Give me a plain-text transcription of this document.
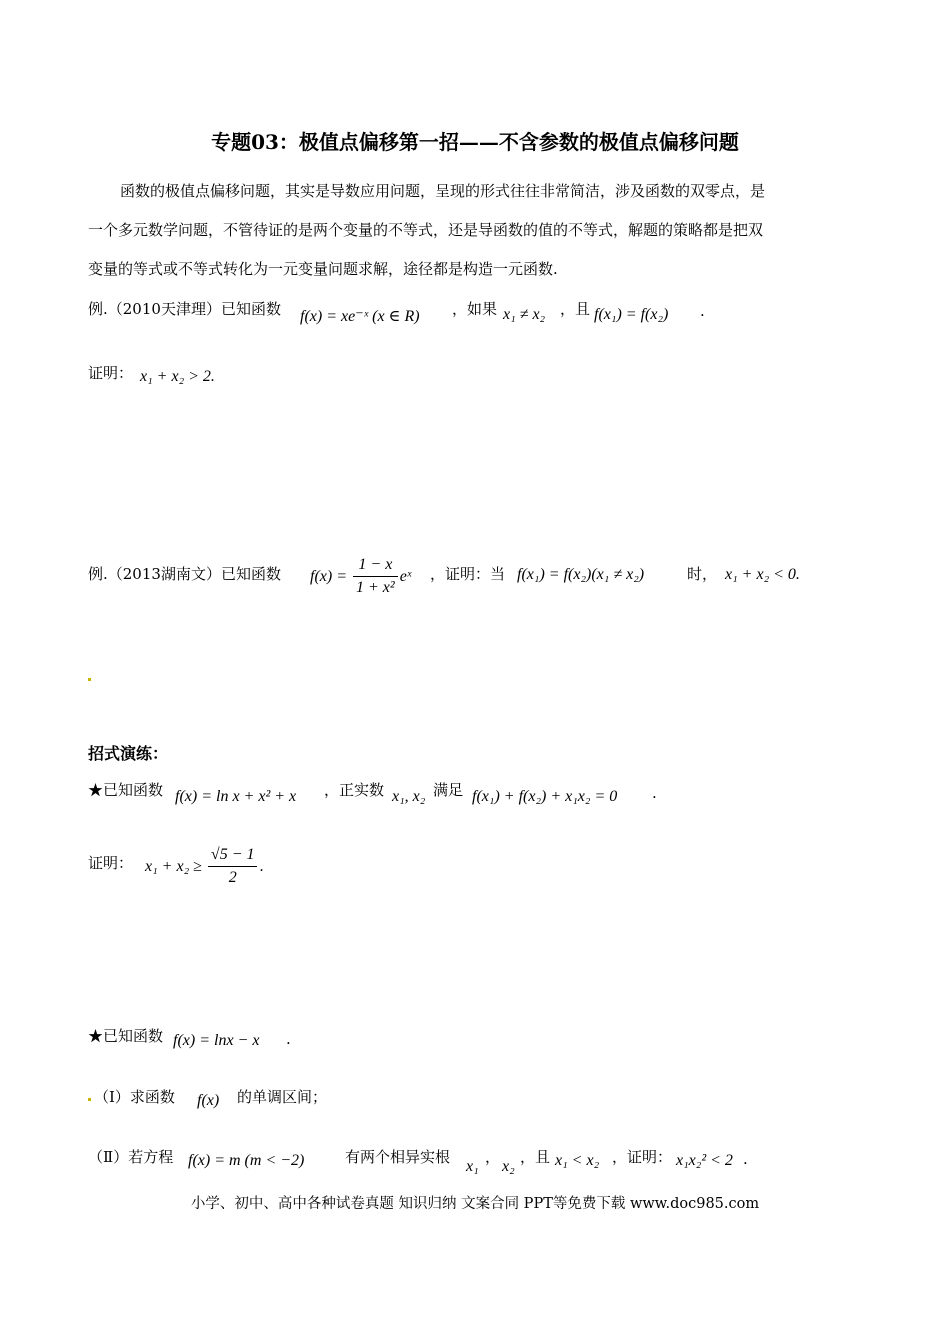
专题03：极值点偏移第一招——不含参数的极值点偏移问题
函数的极值点偏移问题，其实是导数应用问题，呈现的形式往往非常简洁，涉及函数的双零点，是
一个多元数学问题，不管待证的是两个变量的不等式，还是导函数的值的不等式，解题的策略都是把双
变量的等式或不等式转化为一元变量问题求解，途径都是构造一元函数.
例.（2010天津理）已知函数 f(x) = xe⁻ˣ (x ∈ R) ，如果 x₁ ≠ x₂ ，且 f(x₁) = f(x₂) .
证明： x₁ + x₂ > 2.
例.（2013湖南文）已知函数 $f(x) = \frac{1 - x}{\text{1 + x²}}$ eˣ ，证明：当 f(x₁) = f(x₂)(x₁ ≠ x₂)	时， x₁ + x₂ < 0.
招式演练：
★已知函数 f(x) = ln x + x² + x ，正实数 x₁, x₂ 满足 f(x₁) + f(x₂) + x₁x₂ = 0 .
证明： $x_1 + x_2 \ge \frac{√5 - 1}{2}$ .
★已知函数 f(x) = lnx − x .
（Ⅰ）求函数 f(x) 的单调区间；
（Ⅱ）若方程 f(x) = m (m < −2)	有两个相异实根
x₁
，
x₂
，且 x₁ < x₂ ，证明： x₁x₂² < 2 .
小学、初中、高中各种试卷真题 知识归纳 文案合同 PPT等免费下载 www.doc985.com
